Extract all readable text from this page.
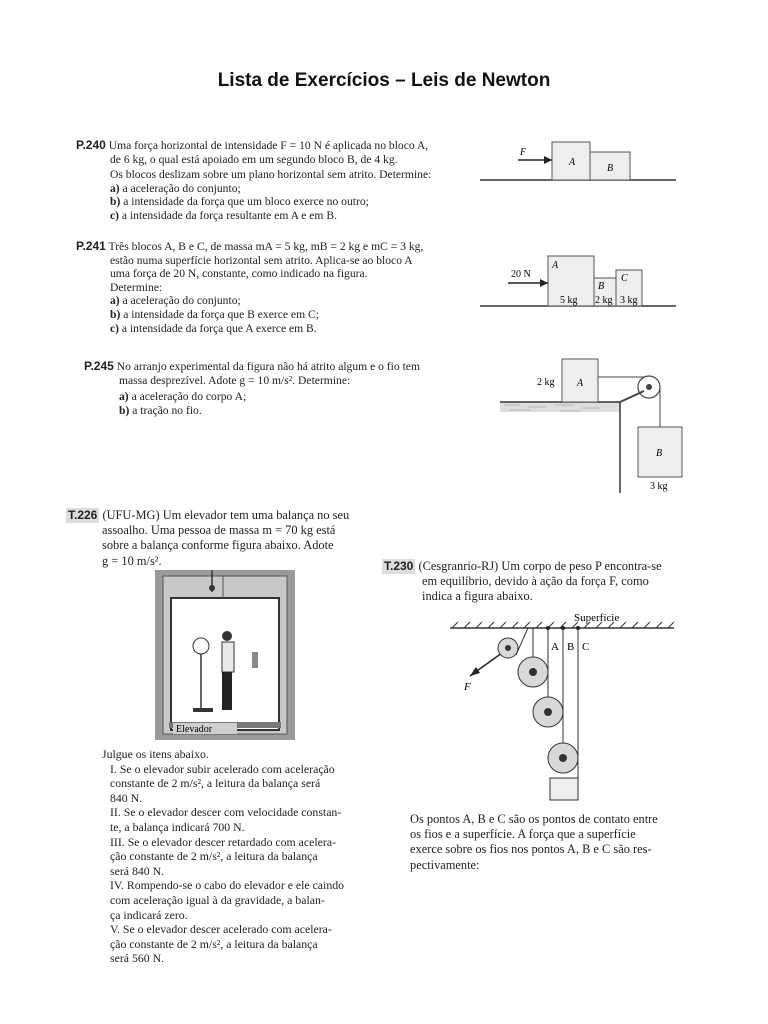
Lista de Exercícios – Leis de Newton

P.240 Uma força horizontal de intensidade F = 10 N é aplicada no bloco A,

de 6 kg, o qual está apoiado em um segundo bloco B, de 4 kg.

Os blocos deslizam sobre um plano horizontal sem atrito. Determine:

a) a aceleração do conjunto;

b) a intensidade da força que um bloco exerce no outro;

c) a intensidade da força resultante em A e em B.

F
A
B

P.241 Três blocos A, B e C, de massa mA = 5 kg, mB = 2 kg e mC = 3 kg,

estão numa superfície horizontal sem atrito. Aplica-se ao bloco A

uma força de 20 N, constante, como indicado na figura.

Determine:

a) a aceleração do conjunto;

b) a intensidade da força que B exerce em C;

c) a intensidade da força que A exerce em B.

20 N
A
B
C
5 kg 2 kg 3 kg

P.245 No arranjo experimental da figura não há atrito algum e o fio tem

massa desprezível. Adote g = 10 m/s². Determine:

a) a aceleração do corpo A;

b) a tração no fio.

2 kg A
B
3 kg

T.226 (UFU-MG) Um elevador tem uma balança no seu

assoalho. Uma pessoa de massa m = 70 kg está

sobre a balança conforme figura abaixo. Adote

g = 10 m/s².

Elevador

Julgue os itens abaixo.

I. Se o elevador subir acelerado com aceleração

constante de 2 m/s², a leitura da balança será

840 N.

II. Se o elevador descer com velocidade constan-

te, a balança indicará 700 N.

III. Se o elevador descer retardado com acelera-

ção constante de 2 m/s², a leitura da balança

será 840 N.

IV. Rompendo-se o cabo do elevador e ele caindo

com aceleração igual à da gravidade, a balan-

ça indicará zero.

V. Se o elevador descer acelerado com acelera-

ção constante de 2 m/s², a leitura da balança

será 560 N.

T.230 (Cesgranrio-RJ) Um corpo de peso P encontra-se

em equilíbrio, devido à ação da força F, como

indica a figura abaixo.

Superfície
A B C
F

Os pontos A, B e C são os pontos de contato entre

os fios e a superfície. A força que a superfície

exerce sobre os fios nos pontos A, B e C são res-

pectivamente:
